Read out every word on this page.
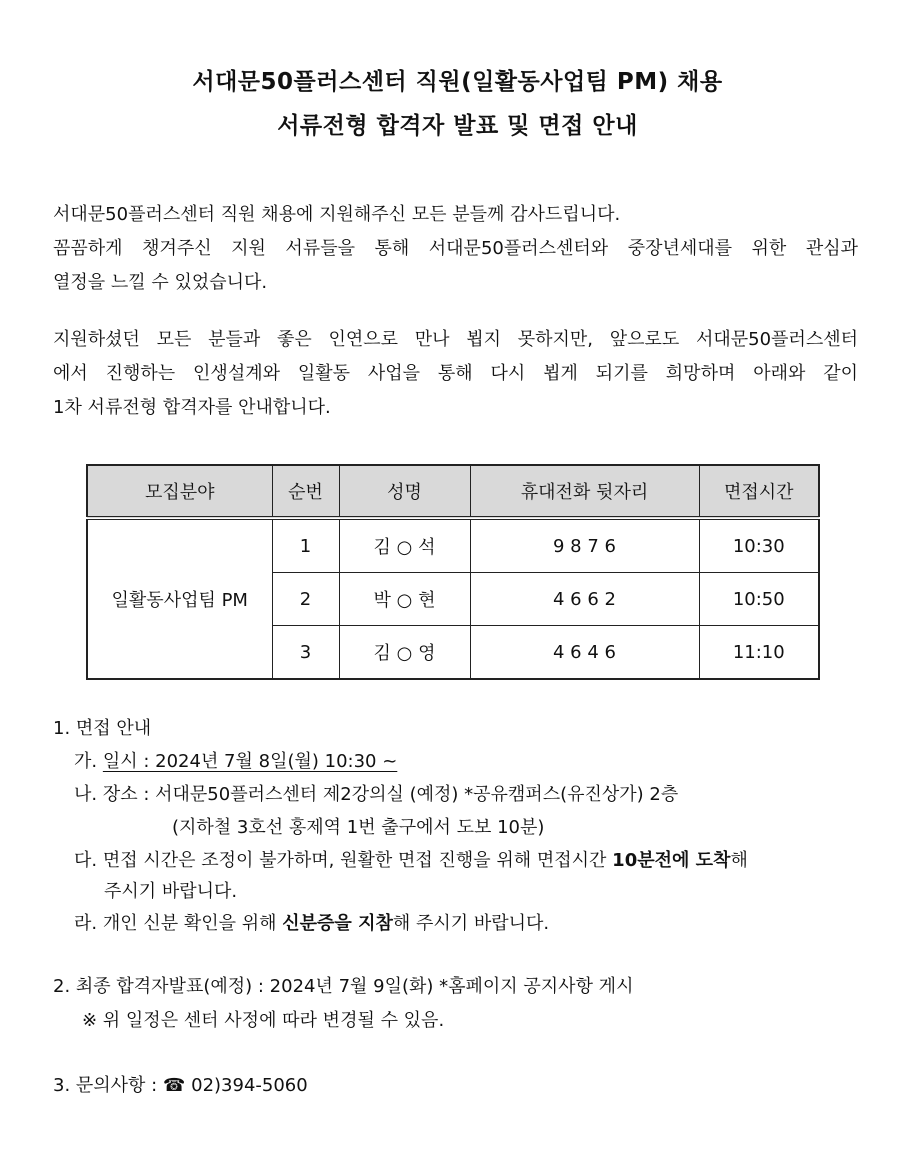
서대문50플러스센터 직원(일활동사업팀 PM) 채용
서류전형 합격자 발표 및 면접 안내
서대문50플러스센터 직원 채용에 지원해주신 모든 분들께 감사드립니다.
꼼꼼하게 챙겨주신 지원 서류들을 통해 서대문50플러스센터와 중장년세대를 위한 관심과
열정을 느낄 수 있었습니다.
지원하셨던 모든 분들과 좋은 인연으로 만나 뵙지 못하지만, 앞으로도 서대문50플러스센터
에서 진행하는 인생설계와 일활동 사업을 통해 다시 뵙게 되기를 희망하며 아래와 같이
1차 서류전형 합격자를 안내합니다.
모집분야	순번	성명	휴대전화 뒷자리	면접시간
일활동사업팀 PM	1	김 ○ 석	9 8 7 6	10:30
	2	박 ○ 현	4 6 6 2	10:50
	3	김 ○ 영	4 6 4 6	11:10
1. 면접 안내
가. 일시 : 2024년 7월 8일(월) 10:30 ~
나. 장소 : 서대문50플러스센터 제2강의실 (예정) *공유캠퍼스(유진상가) 2층
(지하철 3호선 홍제역 1번 출구에서 도보 10분)
다. 면접 시간은 조정이 불가하며, 원활한 면접 진행을 위해 면접시간 10분전에 도착해
주시기 바랍니다.
라. 개인 신분 확인을 위해 신분증을 지참해 주시기 바랍니다.
2. 최종 합격자발표(예정) : 2024년 7월 9일(화) *홈페이지 공지사항 게시
※ 위 일정은 센터 사정에 따라 변경될 수 있음.
3. 문의사항 : ☎ 02)394-5060
